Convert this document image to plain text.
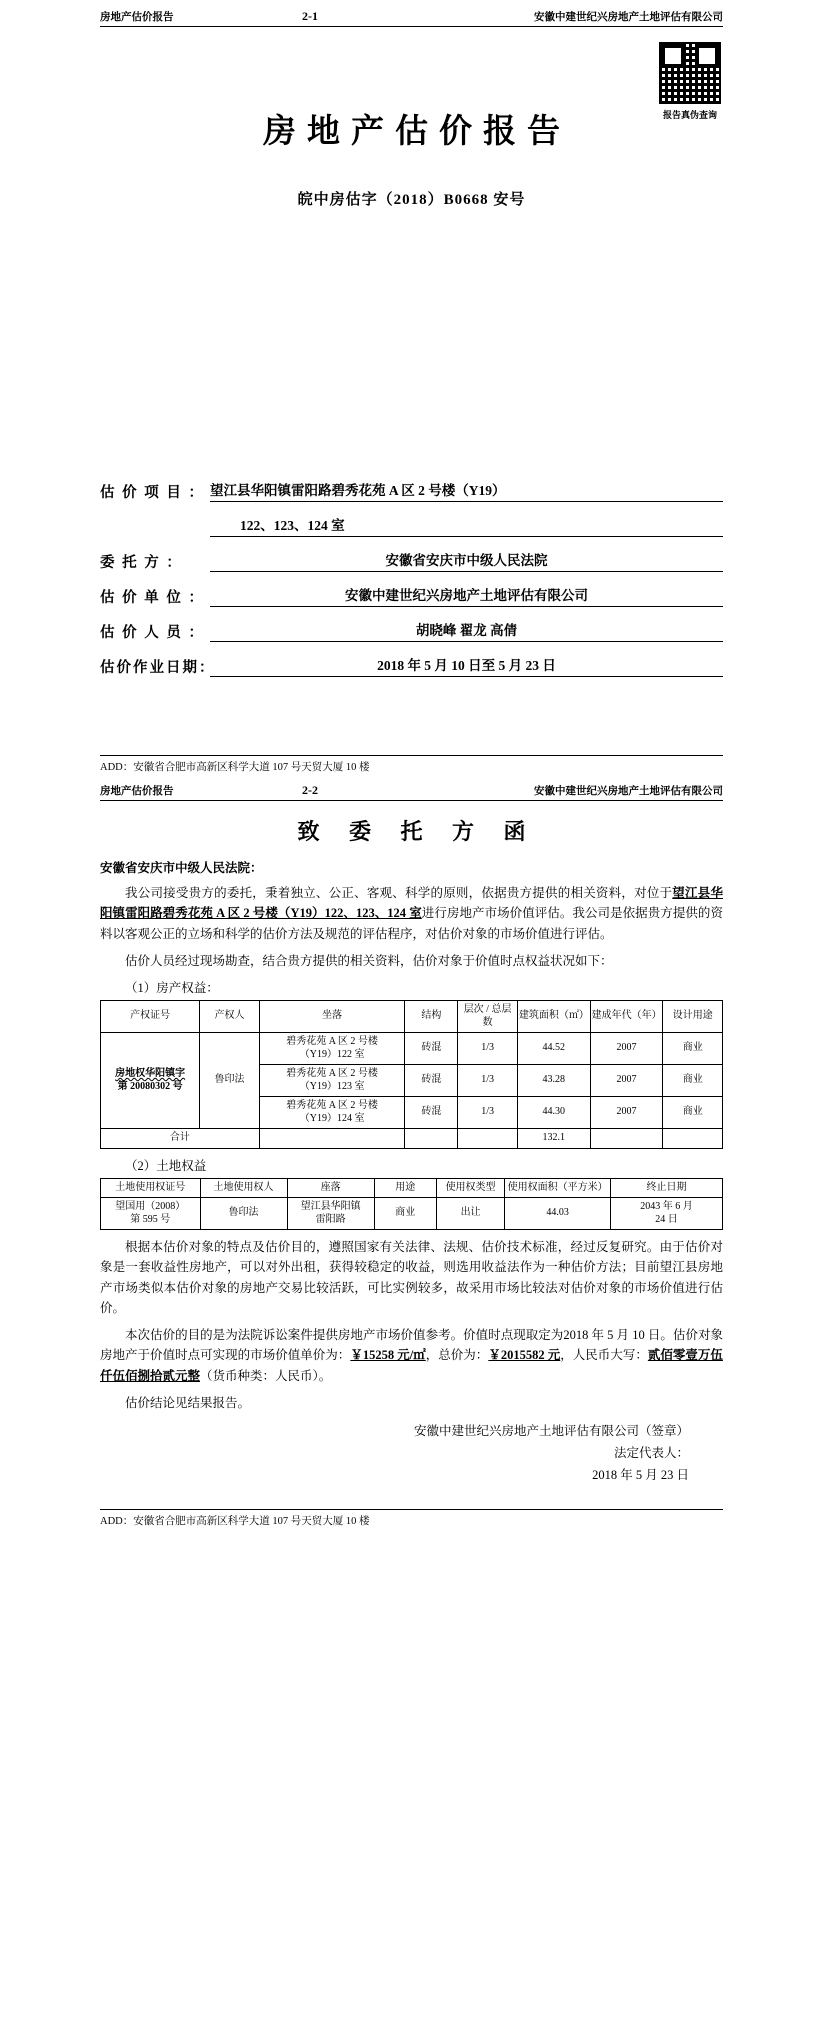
房地产估价报告	2-1	安徽中建世纪兴房地产土地评估有限公司
报告真伪查询
房地产估价报告
皖中房估字（2018）B0668 安号
估 价 项 目 ： 望江县华阳镇雷阳路碧秀花苑 A 区 2 号楼（Y19）
122、123、124 室
委 托 方 ：	安徽省安庆市中级人民法院
估 价 单 位 ：	安徽中建世纪兴房地产土地评估有限公司
估 价 人 员 ：	胡晓峰 翟龙 高倩
估价作业日期：	2018 年 5 月 10 日至 5 月 23 日
ADD：安徽省合肥市高新区科学大道 107 号天贸大厦 10 楼
房地产估价报告	2-2	安徽中建世纪兴房地产土地评估有限公司
致 委 托 方 函
安徽省安庆市中级人民法院：

我公司接受贵方的委托，秉着独立、公正、客观、科学的原则，依据贵方提供的相关资料，对位于望江县华阳镇雷阳路碧秀花苑 A 区 2 号楼（Y19）122、123、124 室进行房地产市场价值评估。我公司是依据贵方提供的资料以客观公正的立场和科学的估价方法及规范的评估程序，对估价对象的市场价值进行评估。

估价人员经过现场勘查，结合贵方提供的相关资料，估价对象于价值时点权益状况如下：

（1）房产权益：
产权证号	产权人	坐落	结构	层次 / 总层数	建筑面积（㎡）	建成年代（年）	设计用途
房地权华阳镇字
第 20080302 号	鲁印法	碧秀花苑 A 区 2 号楼
（Y19）122 室	砖混	1/3	44.52	2007	商业
		碧秀花苑 A 区 2 号楼
（Y19）123 室	砖混	1/3	43.28	2007	商业
		碧秀花苑 A 区 2 号楼
（Y19）124 室	砖混	1/3	44.30	2007	商业
合计					132.1		
（2）土地权益
土地使用权证号	土地使用权人	座落	用途	使用权类型	使用权面积（平方米）	终止日期
望国用（2008）
第 595 号	鲁印法	望江县华阳镇
雷阳路	商业	出让	44.03	2043 年 6 月
24 日

根据本估价对象的特点及估价目的，遵照国家有关法律、法规、估价技术标准，经过反复研究。由于估价对象是一套收益性房地产，可以对外出租，获得较稳定的收益，则选用收益法作为一种估价方法；目前望江县房地产市场类似本估价对象的房地产交易比较活跃，可比实例较多，故采用市场比较法对估价对象的市场价值进行估价。

本次估价的目的是为法院诉讼案件提供房地产市场价值参考。价值时点现取定为2018 年 5 月 10 日。估价对象房地产于价值时点可实现的市场价值单价为：￥15258 元/㎡，总价为：￥2015582 元，人民币大写：贰佰零壹万伍仟伍佰捌拾贰元整（货币种类：人民币）。

估价结论见结果报告。

安徽中建世纪兴房地产土地评估有限公司（签章）
法定代表人：
2018 年 5 月 23 日
ADD：安徽省合肥市高新区科学大道 107 号天贸大厦 10 楼
